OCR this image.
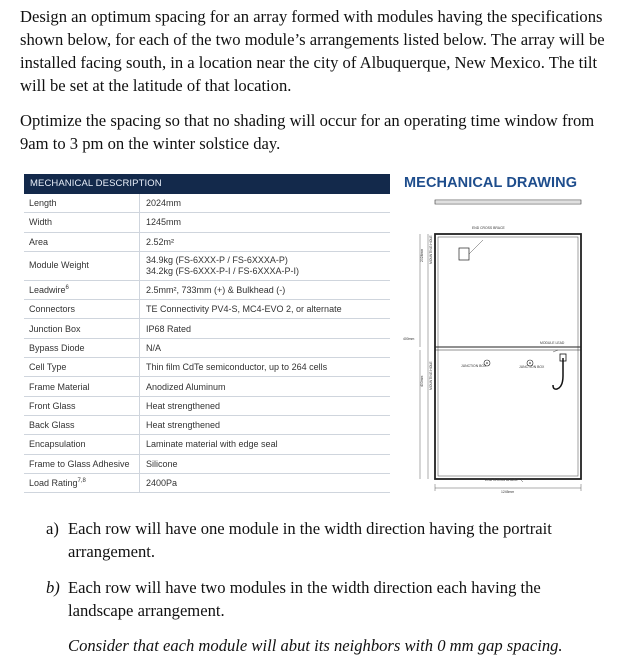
Design an optimum spacing for an array formed with modules having the specifications shown below, for each of the two module’s arrangements listed below. The array will be installed facing south, in a location near the city of Albuquerque, New Mexico. The tilt will be set at the latitude of that location.

Optimize the spacing so that no shading will occur for an operating time window from 9am to 3 pm on the winter solstice day.

MECHANICAL DESCRIPTION
Length	2024mm
Width	1245mm
Area	2.52m²
Module Weight	34.9kg (FS-6XXX-P / FS-6XXXA-P)
34.2kg (FS-6XXX-P-I / FS-6XXXA-P-I)

Leadwire$^6$	2.5mm², 733mm (+) & Bulkhead (-)
Connectors	TE Connectivity PV4-S, MC4-EVO 2, or alternate
Junction Box	IP68 Rated
Bypass Diode	N/A
Cell Type	Thin film CdTe semiconductor, up to 264 cells
Frame Material	Anodized Aluminum
Front Glass	Heat strengthened
Back Glass	Heat strengthened
Encapsulation	Laminate material with edge seal
Frame to Glass Adhesive	Silicone
Load Rating$^{7,8}$	2400Pa
MECHANICAL DRAWING
END CROSS BRACE
MODULE LEAD
JUNCTION BOX	JUNCTION BOX
END CROSS BRACE
1245mm
400mm
2024mm MOUNTING HOLE
400mm MOUNTING HOLE
a) Each row will have one module in the width direction having the portrait arrangement.

b) Each row will have two modules in the width direction each having the landscape arrangement.

Consider that each module will abut its neighbors with 0 mm gap spacing.
